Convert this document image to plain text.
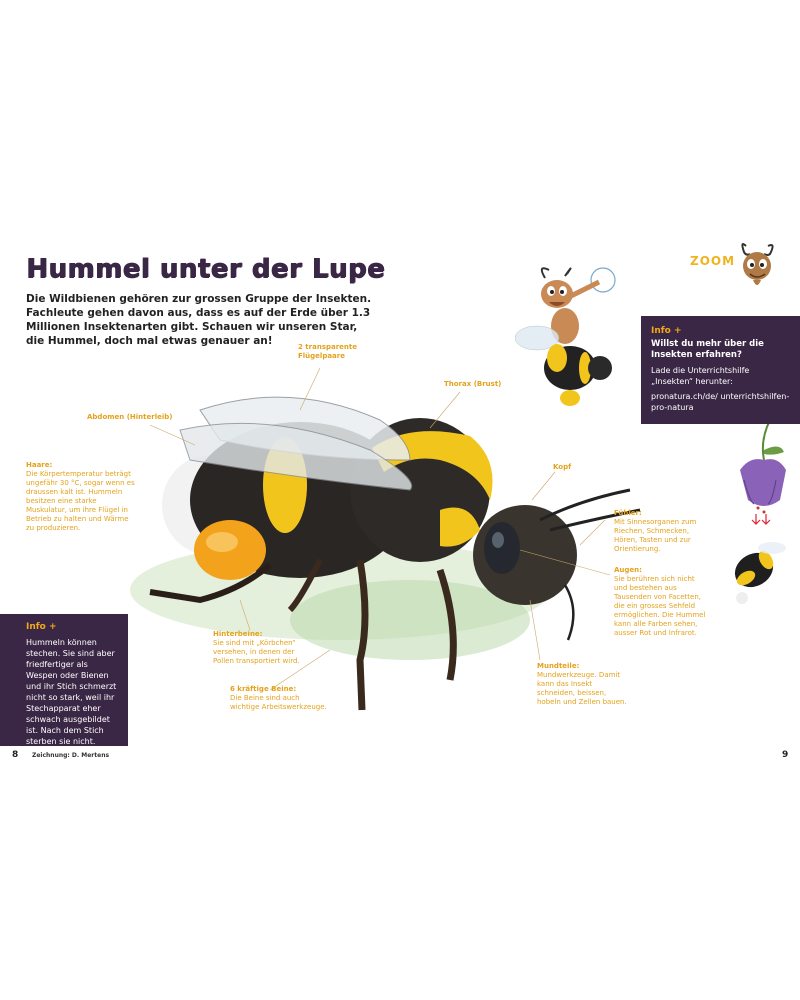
Hummel unter der Lupe
Die Wildbienen gehören zur grossen Gruppe der Insekten. Fachleute gehen davon aus, dass es auf der Erde über 1.3 Millionen Insektenarten gibt. Schauen wir unseren Star, die Hummel, doch mal etwas genauer an!
ZOOM
2 transparente Flügelpaare
Thorax (Brust)
Abdomen (Hinterleib)
Kopf
Haare:
Die Körpertemperatur beträgt ungefähr 30 °C, sogar wenn es draussen kalt ist. Hummeln besitzen eine starke Muskulatur, um ihre Flügel in Betrieb zu halten und Wärme zu produzieren.
Fühler:
Mit Sinnesorganen zum Riechen, Schmecken, Hören, Tasten und zur Orientierung.
Augen:
Sie berühren sich nicht und bestehen aus Tausenden von Facetten, die ein grosses Sehfeld ermöglichen. Die Hummel kann alle Farben sehen, ausser Rot und Infrarot.
Hinterbeine:
Sie sind mit „Körbchen“ versehen, in denen der Pollen transportiert wird.
6 kräftige Beine:
Die Beine sind auch wichtige Arbeitswerkzeuge.
Mundteile:
Mundwerkzeuge. Damit kann das Insekt schneiden, beissen, hobeln und Zellen bauen.
Info +
Willst du mehr über die Insekten erfahren?
Lade die Unterrichtshilfe „Insekten“ herunter:
pronatura.ch/de/ unterrichtshilfen-pro-natura
Info +
Hummeln können stechen. Sie sind aber friedfertiger als Wespen oder Bienen und ihr Stich schmerzt nicht so stark, weil ihr Stechapparat eher schwach ausgebildet ist. Nach dem Stich sterben sie nicht.
8 Zeichnung: D. Mertens	9
